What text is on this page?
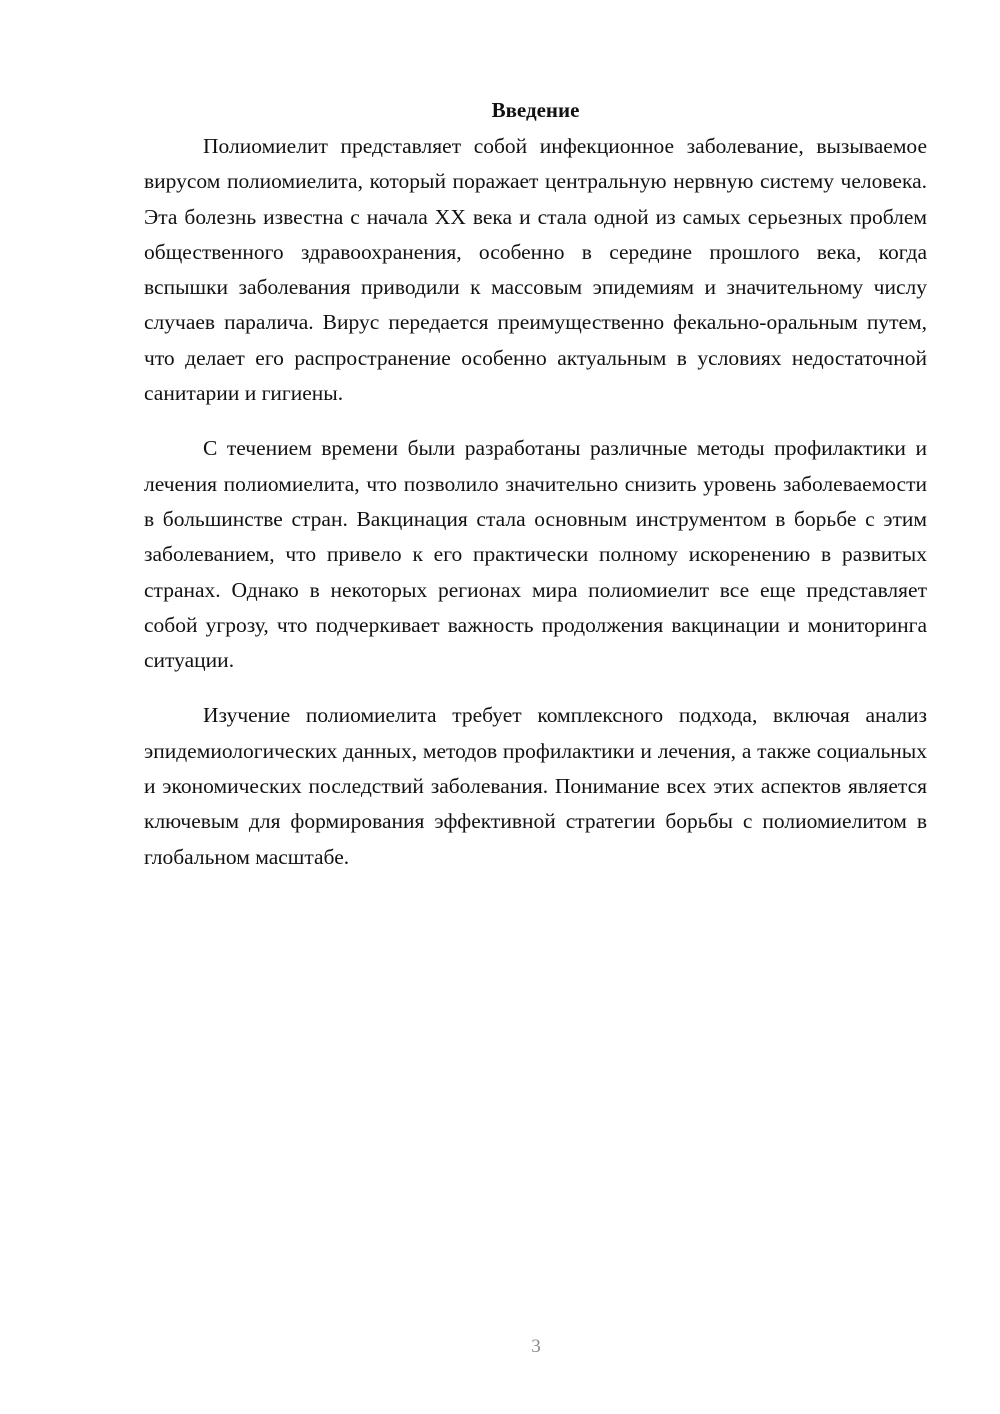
Введение

Полиомиелит представляет собой инфекционное заболевание, вызываемое вирусом полиомиелита, который поражает центральную нервную систему человека. Эта болезнь известна с начала XX века и стала одной из самых серьезных проблем общественного здравоохранения, особенно в середине прошлого века, когда вспышки заболевания приводили к массовым эпидемиям и значительному числу случаев паралича. Вирус передается преимущественно фекально-оральным путем, что делает его распространение особенно актуальным в условиях недостаточной санитарии и гигиены.

С течением времени были разработаны различные методы профилактики и лечения полиомиелита, что позволило значительно снизить уровень заболеваемости в большинстве стран. Вакцинация стала основным инструментом в борьбе с этим заболеванием, что привело к его практически полному искоренению в развитых странах. Однако в некоторых регионах мира полиомиелит все еще представляет собой угрозу, что подчеркивает важность продолжения вакцинации и мониторинга ситуации.

Изучение полиомиелита требует комплексного подхода, включая анализ эпидемиологических данных, методов профилактики и лечения, а также социальных и экономических последствий заболевания. Понимание всех этих аспектов является ключевым для формирования эффективной стратегии борьбы с полиомиелитом в глобальном масштабе.

3
